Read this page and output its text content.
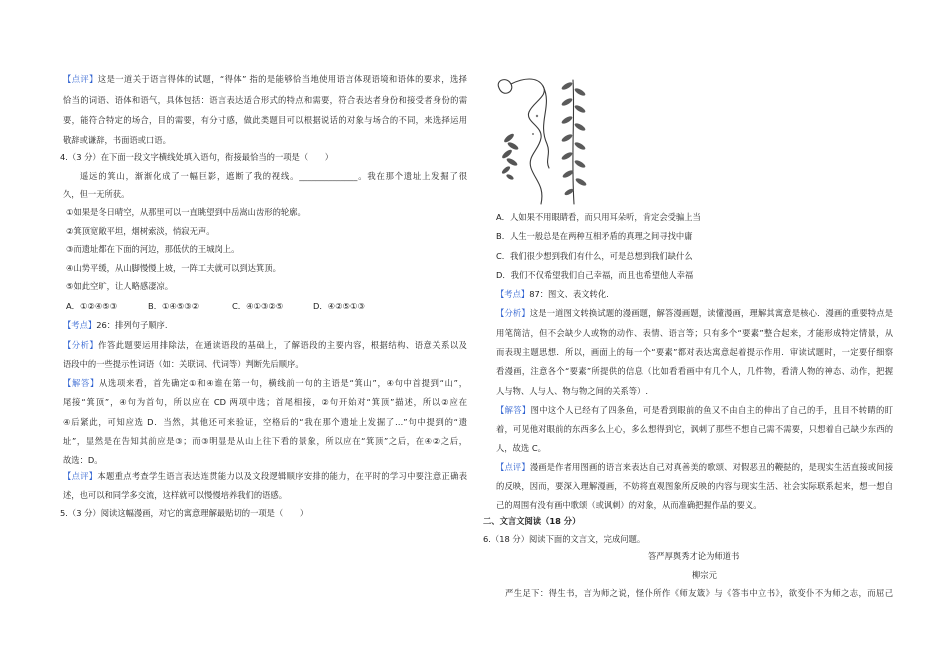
【点评】这是一道关于语言得体的试题，“得体” 指的是能够恰当地使用语言体现语境和语体的要求，选择
恰当的词语、语体和语气，具体包括：语言表达适合形式的特点和需要，符合表达者身份和接受者身份的需
要，能符合特定的场合，目的需要，有分寸感，做此类题目可以根据说话的对象与场合的不同，来选择运用
敬辞或谦辞，书面语或口语。
4.（3 分）在下面一段文字横线处填入语句，衔接最恰当的一项是（　　）
遥远的箕山，渐渐化成了一幅巨影，遮断了我的视线。______________。我在那个遗址上发掘了很
久，但一无所获。
①如果是冬日晴空，从那里可以一直眺望到中岳嵩山齿形的轮廓。
②箕顶宽敞平坦，烟树索淡，悄寂无声。
③而遗址都在下面的河边，那低伏的王城岗上。
④山势平缓，从山脚慢慢上坡，一阵工夫就可以到达箕顶。
⑤如此空旷，让人略感凄凉。
A．①②④⑤③	B．①④⑤③②	C．④①③②⑤	D．④②⑤①③
【考点】26：排列句子顺序.
【分析】作答此题要运用排除法，在通读语段的基础上，了解语段的主要内容，根据结构、语意关系以及
语段中的一些提示性词语（如：关联词、代词等）判断先后顺序。
【解答】从选项来看，首先确定①和④谁在第一句，横线前一句的主语是“箕山”，④句中首提到“山”，
尾接“箕顶”，④句为首句，所以应在 CD 两项中选；首尾相接，②句开始对“箕顶”描述，所以②应在
④后紧此，可知应选 D．当然，其他还可来验证，空格后的“我在那个遗址上发掘了…”句中提到的“遗
址”，显然是在告知其前应是③；而③明显是从山上往下看的景象，所以应在“箕顶”之后，在④②之后，
故选：D。
【点评】本题重点考查学生语言表达连贯能力以及文段逻辑顺序安排的能力，在平时的学习中要注意正确表
述，也可以和同学多交流，这样就可以慢慢培养我们的语感。
5.（3 分）阅读这幅漫画，对它的寓意理解最贴切的一项是（　　）
A．人如果不用眼睛看，而只用耳朵听，肯定会受骗上当
B．人生一般总是在两种互相矛盾的真理之间寻找中庸
C．我们很少想到我们有什么，可是总想到我们缺什么
D．我们不仅希望我们自己幸福，而且也希望他人幸福
【考点】87：图文、表文转化.
【分析】这是一道图文转换试题的漫画题，解答漫画题，读懂漫画，理解其寓意是核心．漫画的重要特点是
用笔简洁，但不会缺少人或物的动作、表情、语言等；只有多个“要素”整合起来，才能形成特定情景，从
而表现主题思想．所以，画面上的每一个“要素”都对表达寓意起着提示作用．审读试题时，一定要仔细察
看漫画，注意各个“要素”所提供的信息（比如看看画中有几个人，几件物，看清人物的神态、动作，把握
人与物、人与人、物与物之间的关系等）.
【解答】图中这个人已经有了四条鱼，可是看到眼前的鱼又不由自主的伸出了自己的手，且目不转睛的盯
着，可见他对眼前的东西多么上心，多么想得到它，讽刺了那些不想自己需不需要，只想着自己缺少东西的
人，故选 C。
【点评】漫画是作者用图画的语言来表达自己对真善美的歌颂、对假恶丑的鞭挞的，是现实生活直接或间接
的反映，因而，要深入理解漫画，不妨将直观图象所反映的内容与现实生活、社会实际联系起来，想一想自
己的周围有没有画中歌颂（或讽刺）的对象，从而准确把握作品的要义。
二、文言文阅读（18 分）
6.（18 分）阅读下面的文言文，完成问题。
答严厚舆秀才论为师道书
柳宗元
严生足下：得生书，言为师之说，怪仆所作《师友箴》与《答韦中立书》，欲变仆不为师之志，而屈己
